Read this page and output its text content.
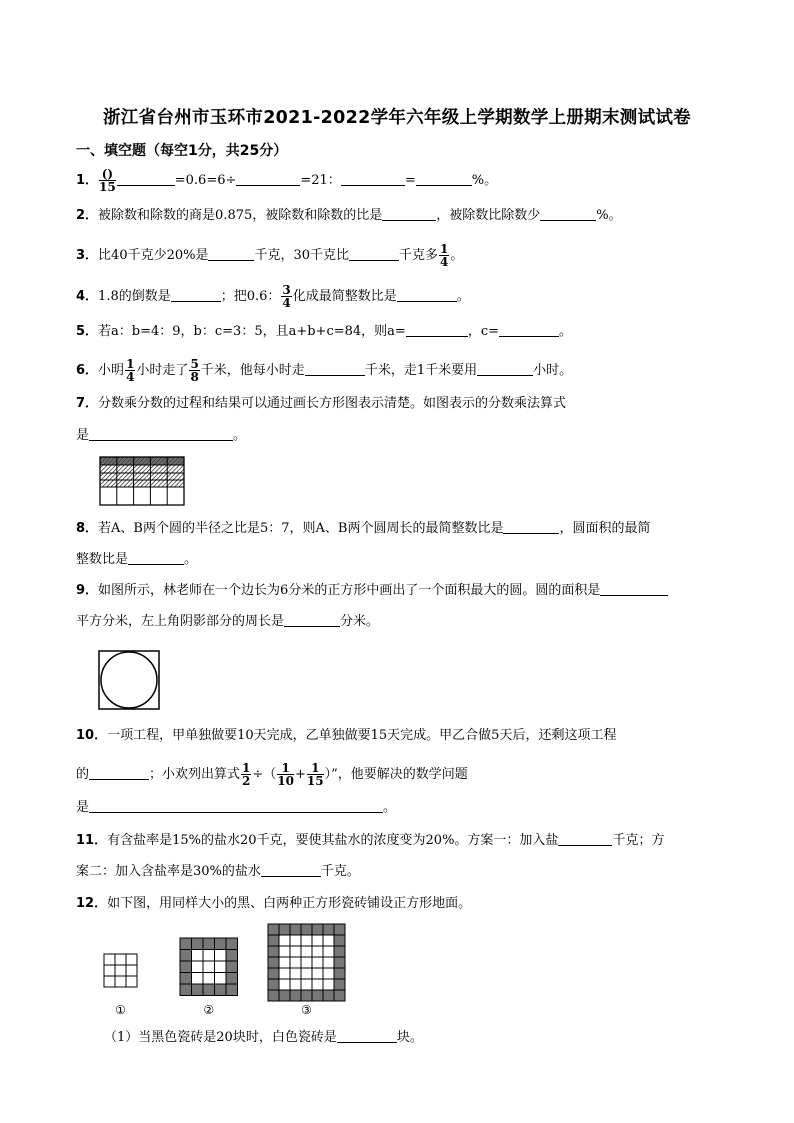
浙江省台州市玉环市2021-2022学年六年级上学期数学上册期末测试试卷
一、填空题（每空1分，共25分）
1． $\frac{()}{15}$	=0.6=6÷	=21：	=	%。
2．被除数和除数的商是0.875，被除数和除数的比是	，被除数比除数少	%。
3．比40千克少20%是	千克，30千克比	千克多 $\frac{1}{4}$ 。
4．1.8的倒数是	；把0.6： $\frac{3}{4}$ 化成最简整数比是	。
5．若a：b=4：9，b：c=3：5，且a+b+c=84，则a=	，c=	。
6．小明 $\frac{1}{4}$ 小时走了 $\frac{5}{8}$ 千米，他每小时走	千米，走1千米要用	小时。
7．分数乘分数的过程和结果可以通过画长方形图表示清楚。如图表示的分数乘法算式
是	。
8．若A、B两个圆的半径之比是5：7，则A、B两个圆周长的最简整数比是	，圆面积的最简
整数比是	。
9．如图所示，林老师在一个边长为6分米的正方形中画出了一个面积最大的圆。圆的面积是
平方分米，左上角阴影部分的周长是	分米。
10．一项工程，甲单独做要10天完成，乙单独做要15天完成。甲乙合做5天后，还剩这项工程
的	；小欢列出算式 $\frac{1}{2}$ ÷（ $\frac{1}{10} + \frac{1}{15}$ ）”，他要解决的数学问题
是	。
11．有含盐率是15%的盐水20千克，要使其盐水的浓度变为20%。方案一：加入盐	千克；方
案二：加入含盐率是30%的盐水	千克。
12．如下图，用同样大小的黑、白两种正方形瓷砖铺设正方形地面。
①	②	③
（1）当黑色瓷砖是20块时，白色瓷砖是	块。
